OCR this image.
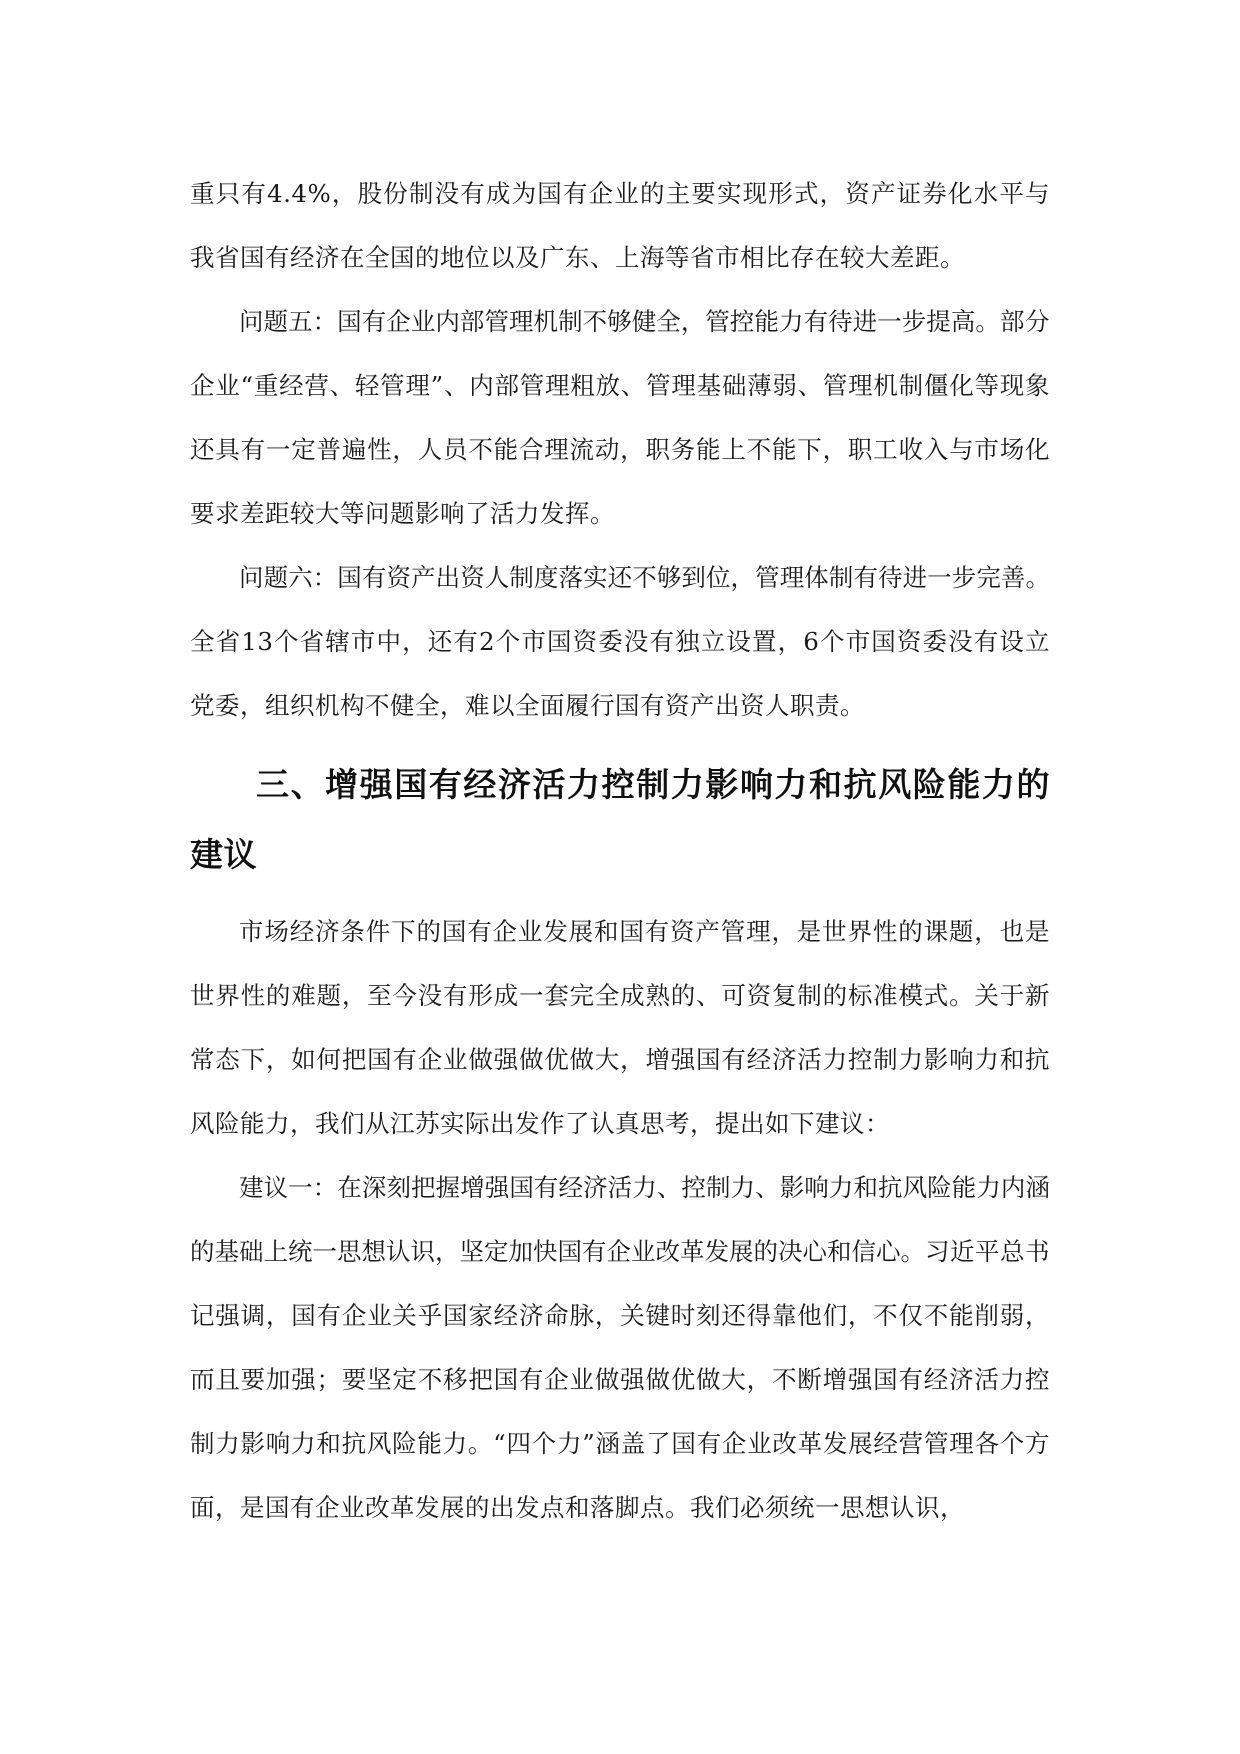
重只有4.4%，股份制没有成为国有企业的主要实现形式，资产证券化水平与我省国有经济在全国的地位以及广东、上海等省市相比存在较大差距。

问题五：国有企业内部管理机制不够健全，管控能力有待进一步提高。部分企业“重经营、轻管理”、内部管理粗放、管理基础薄弱、管理机制僵化等现象还具有一定普遍性，人员不能合理流动，职务能上不能下，职工收入与市场化要求差距较大等问题影响了活力发挥。

问题六：国有资产出资人制度落实还不够到位，管理体制有待进一步完善。全省13个省辖市中，还有2个市国资委没有独立设置，6个市国资委没有设立党委，组织机构不健全，难以全面履行国有资产出资人职责。

三、增强国有经济活力控制力影响力和抗风险能力的建议

市场经济条件下的国有企业发展和国有资产管理，是世界性的课题，也是世界性的难题，至今没有形成一套完全成熟的、可资复制的标准模式。关于新常态下，如何把国有企业做强做优做大，增强国有经济活力控制力影响力和抗风险能力，我们从江苏实际出发作了认真思考，提出如下建议：

建议一：在深刻把握增强国有经济活力、控制力、影响力和抗风险能力内涵的基础上统一思想认识，坚定加快国有企业改革发展的决心和信心。习近平总书记强调，国有企业关乎国家经济命脉，关键时刻还得靠他们，不仅不能削弱，而且要加强；要坚定不移把国有企业做强做优做大，不断增强国有经济活力控制力影响力和抗风险能力。“四个力”涵盖了国有企业改革发展经营管理各个方面，是国有企业改革发展的出发点和落脚点。我们必须统一思想认识，
